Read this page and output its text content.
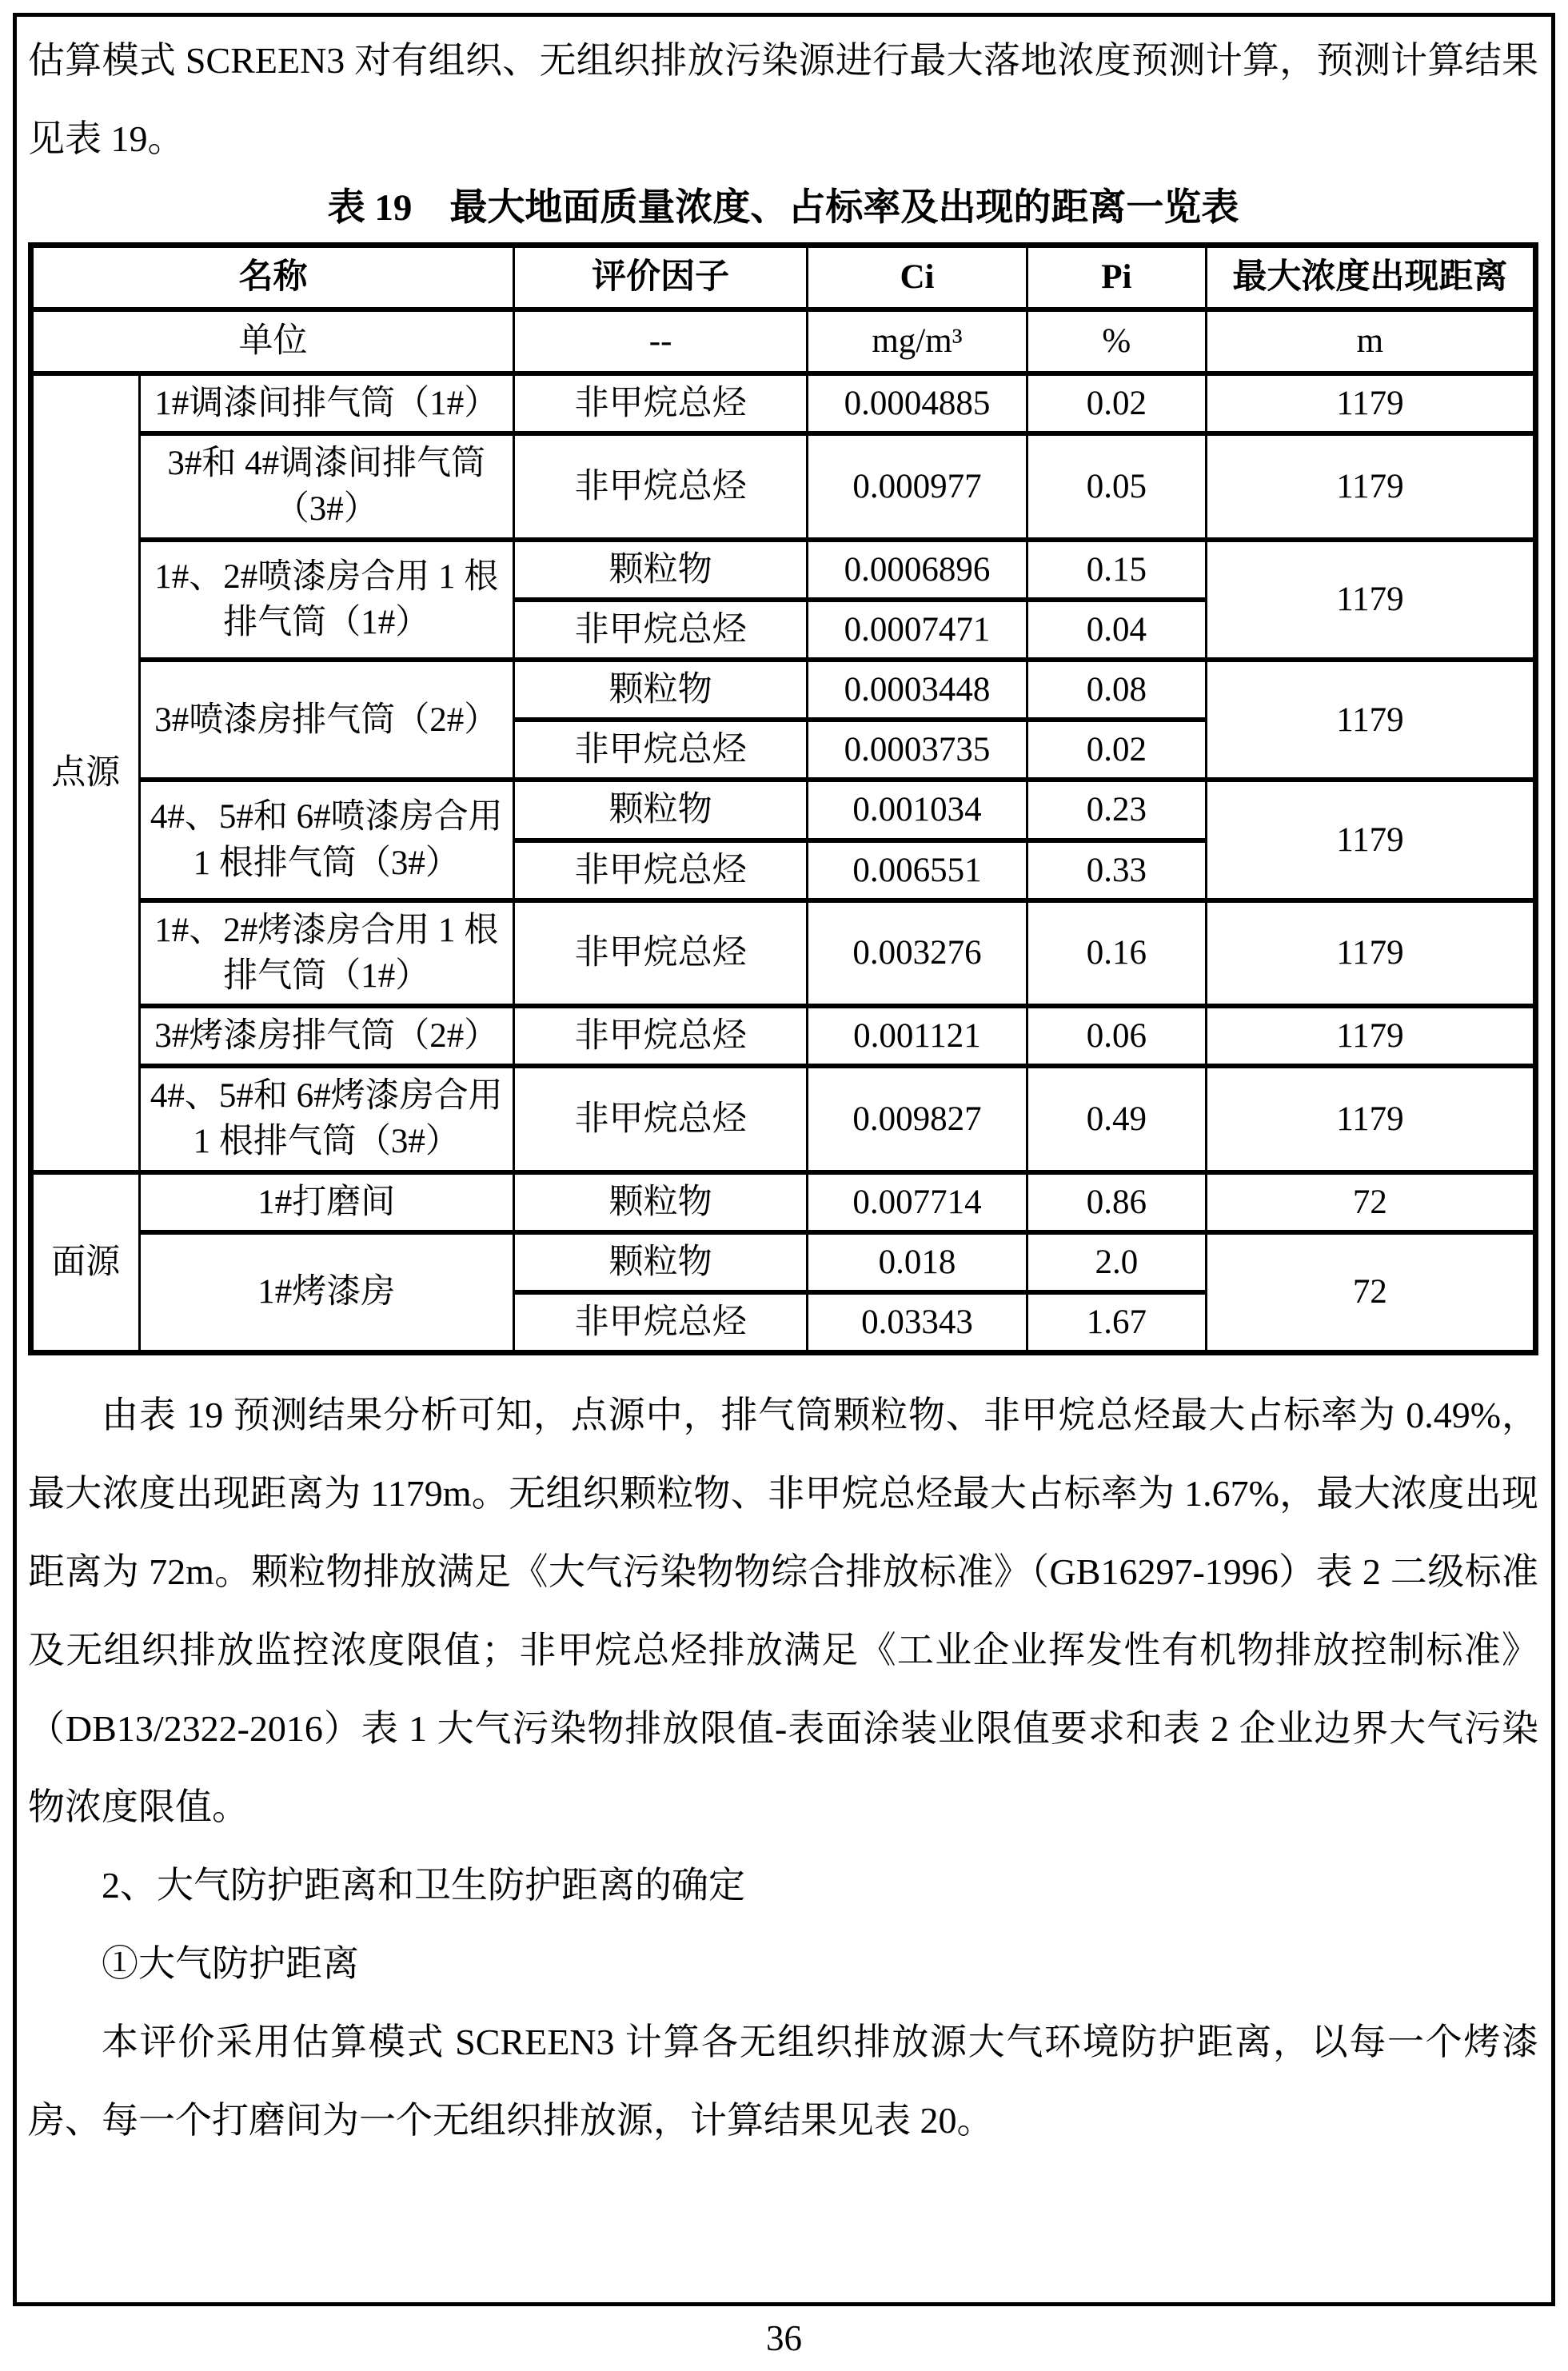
估算模式 SCREEN3 对有组织、无组织排放污染源进行最大落地浓度预测计算，预测计算结果见表 19。

表 19　最大地面质量浓度、占标率及出现的距离一览表
名称		评价因子	Ci	Pi	最大浓度出现距离
单位		--	mg/m³	%	m
点源	1#调漆间排气筒（1#）	非甲烷总烃	0.0004885	0.02	1179
	3#和 4#调漆间排气筒（3#）	非甲烷总烃	0.000977	0.05	1179
	1#、2#喷漆房合用 1 根排气筒（1#）	颗粒物	0.0006896	0.15	1179
		非甲烷总烃	0.0007471	0.04	
	3#喷漆房排气筒（2#）	颗粒物	0.0003448	0.08	1179
		非甲烷总烃	0.0003735	0.02	
	4#、5#和 6#喷漆房合用 1 根排气筒（3#）	颗粒物	0.001034	0.23	1179
		非甲烷总烃	0.006551	0.33	
	1#、2#烤漆房合用 1 根排气筒（1#）	非甲烷总烃	0.003276	0.16	1179
	3#烤漆房排气筒（2#）	非甲烷总烃	0.001121	0.06	1179
	4#、5#和 6#烤漆房合用 1 根排气筒（3#）	非甲烷总烃	0.009827	0.49	1179
面源	1#打磨间	颗粒物	0.007714	0.86	72
	1#烤漆房	颗粒物	0.018	2.0	72
		非甲烷总烃	0.03343	1.67	

由表 19 预测结果分析可知，点源中，排气筒颗粒物、非甲烷总烃最大占标率为 0.49%，最大浓度出现距离为 1179m。无组织颗粒物、非甲烷总烃最大占标率为 1.67%，最大浓度出现距离为 72m。颗粒物排放满足《大气污染物物综合排放标准》（GB16297-1996）表 2 二级标准及无组织排放监控浓度限值；非甲烷总烃排放满足《工业企业挥发性有机物排放控制标准》（DB13/2322-2016）表 1 大气污染物排放限值-表面涂装业限值要求和表 2 企业边界大气污染物浓度限值。

2、大气防护距离和卫生防护距离的确定

①大气防护距离

本评价采用估算模式 SCREEN3 计算各无组织排放源大气环境防护距离，以每一个烤漆房、每一个打磨间为一个无组织排放源，计算结果见表 20。

36
